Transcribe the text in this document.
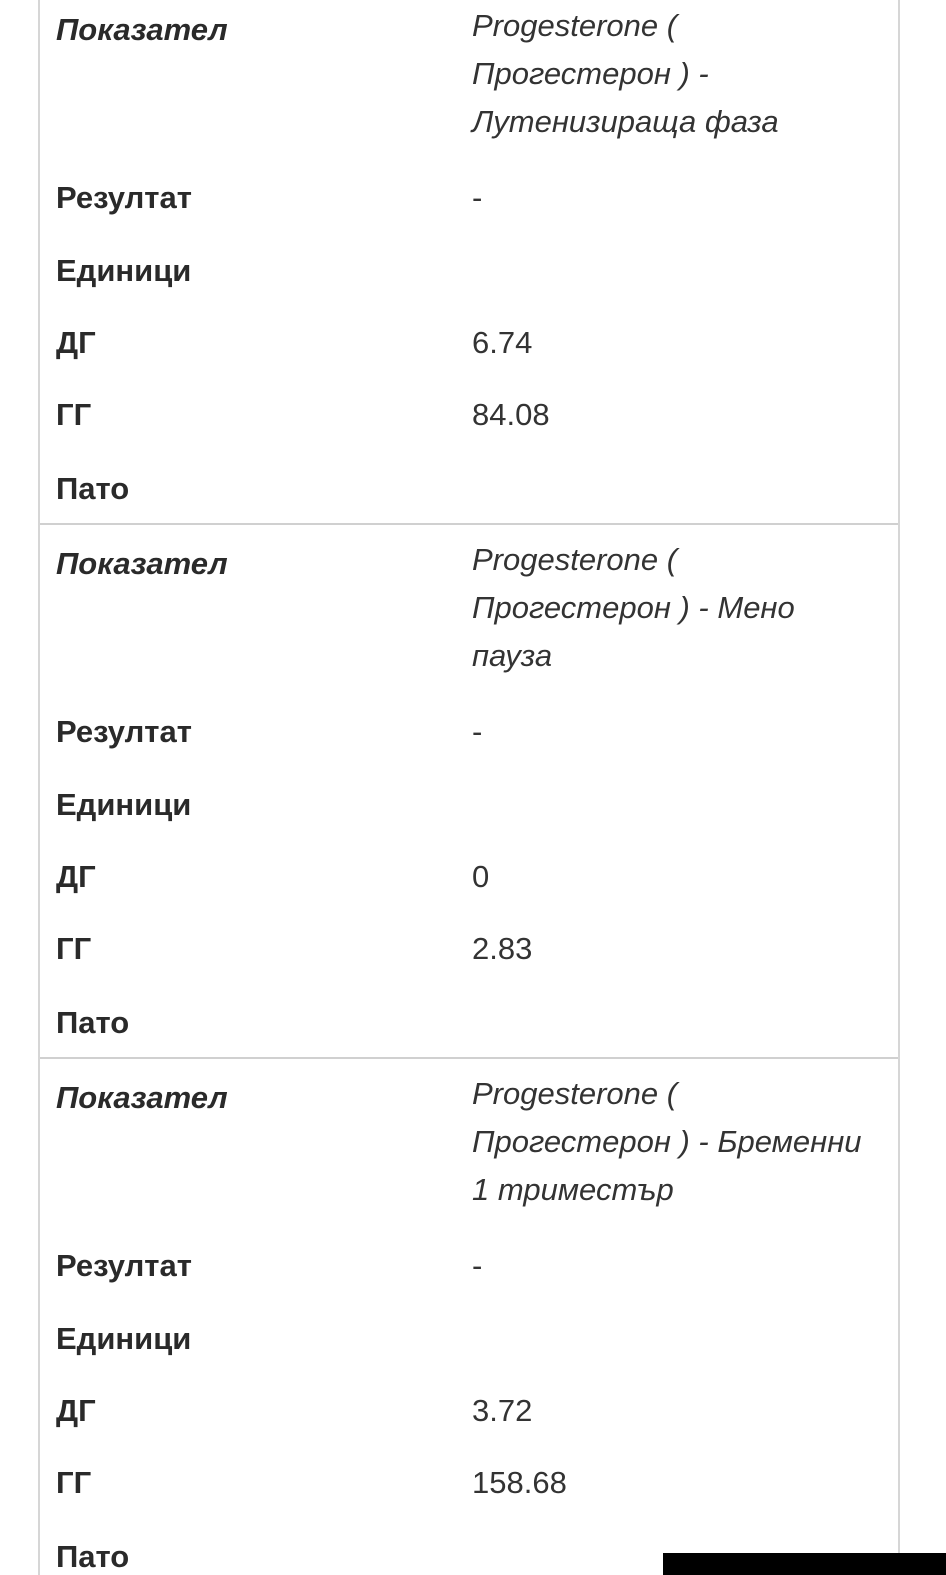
Показател	Progesterone (
Прогестерон ) -
Лутенизираща фаза
Резултат	-
Единици
ДГ	6.74
ГГ	84.08
Пато
Показател	Progesterone (
Прогестерон ) - Мено
пауза
Резултат	-
Единици
ДГ	0
ГГ	2.83
Пато
Показател	Progesterone (
Прогестерон ) - Бременни
1 триместър
Резултат	-
Единици
ДГ	3.72
ГГ	158.68
Пато
